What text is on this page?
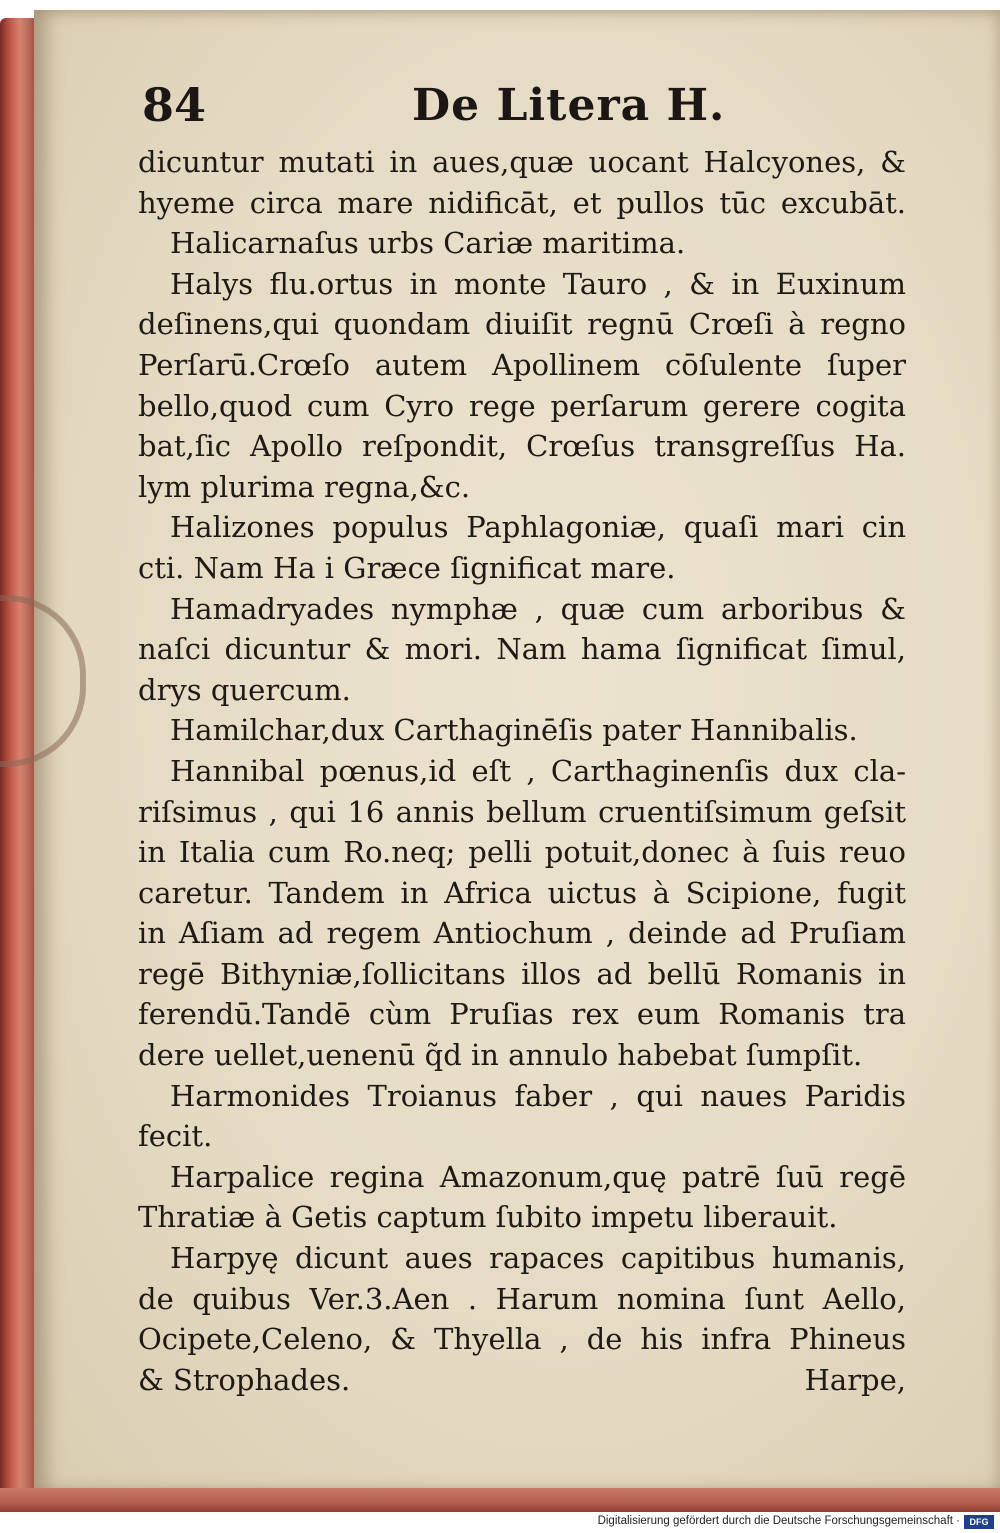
84	De Litera H.
dicuntur mutati in aues,quæ uocant Halcyones, &
hyeme circa mare nidificāt, et pullos tūc excubāt.
Halicarnaſus urbs Cariæ maritima.
Halys flu.ortus in monte Tauro , & in Euxinum
deſinens,qui quondam diuiſit regnū Crœſi à regno
Perſarū.Crœſo autem Apollinem cōſulente ſuper
bello,quod cum Cyro rege perſarum gerere cogita
bat,ſic Apollo reſpondit, Crœſus transgreſſus Ha.
lym plurima regna,&c.
Halizones populus Paphlagoniæ, quaſi mari cin
cti. Nam Ha i Græce ſignificat mare.
Hamadryades nymphæ , quæ cum arboribus &
naſci dicuntur & mori. Nam hama ſignificat ſimul,
drys quercum.
Hamilchar,dux Carthaginēſis pater Hannibalis.
Hannibal pœnus,id eſt , Carthaginenſis dux cla-
riſsimus , qui 16 annis bellum cruentiſsimum geſsit
in Italia cum Ro.neq; pelli potuit,donec à ſuis reuo
caretur. Tandem in Africa uictus à Scipione, fugit
in Aſiam ad regem Antiochum , deinde ad Pruſiam
regē Bithyniæ,ſollicitans illos ad bellū Romanis in
ferendū.Tandē cùm Pruſias rex eum Romanis tra
dere uellet,uenenū q̃d in annulo habebat ſumpſit.
Harmonides Troianus faber , qui naues Paridis
fecit.
Harpalice regina Amazonum,quę patrē ſuū regē
Thratiæ à Getis captum ſubito impetu liberauit.
Harpyę dicunt aues rapaces capitibus humanis,
de quibus Ver.3.Aen . Harum nomina ſunt Aello,
Ocipete,Celeno, & Thyella , de his infra Phineus
& Strophades.	Harpe,
Digitalisierung gefördert durch die Deutsche Forschungsgemeinschaft ·	DFG
